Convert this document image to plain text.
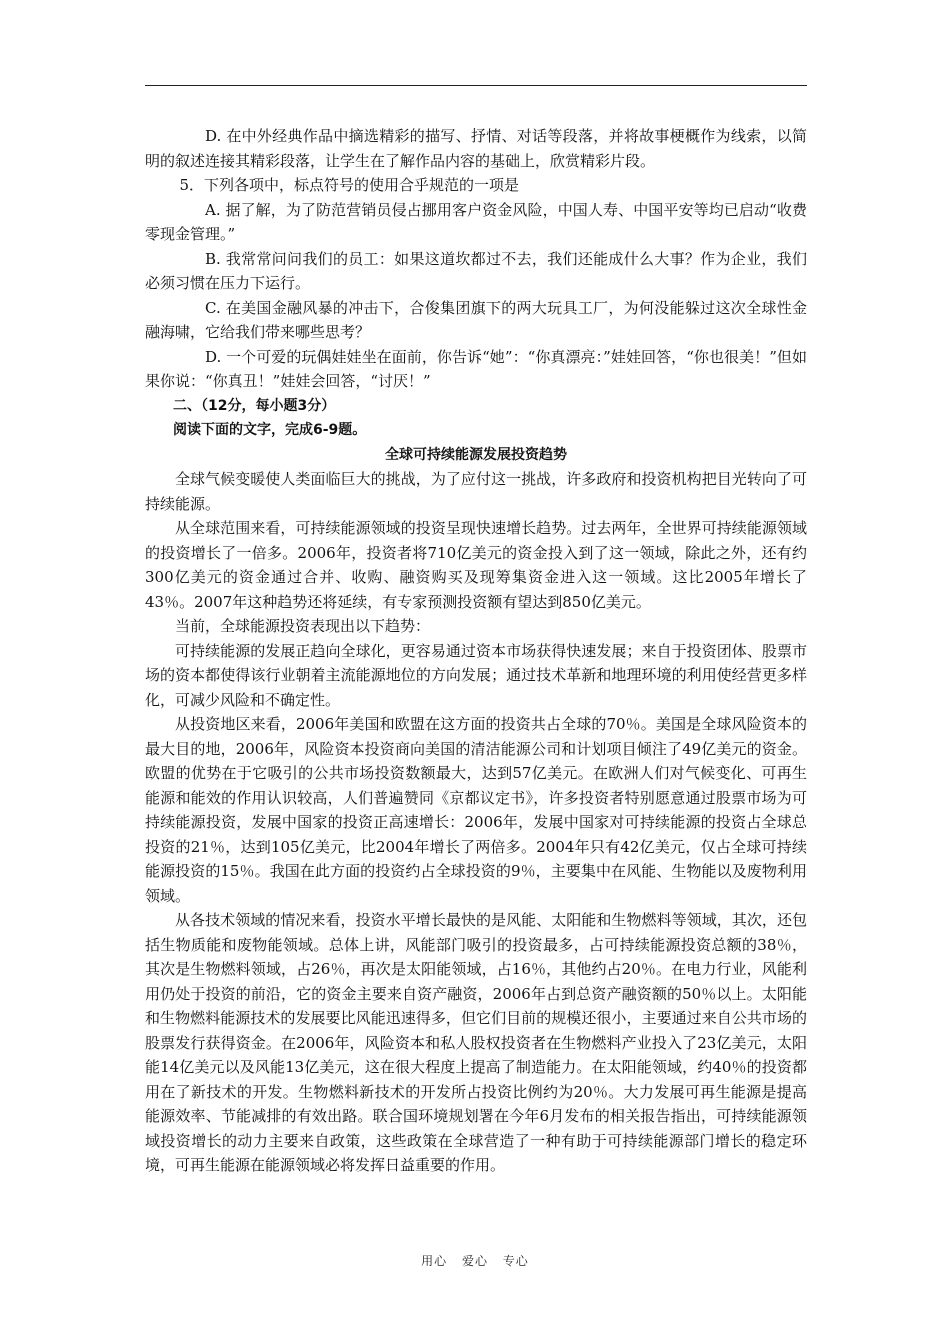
D. 在中外经典作品中摘选精彩的描写、抒情、对话等段落，并将故事梗概作为线索，以简明的叙述连接其精彩段落，让学生在了解作品内容的基础上，欣赏精彩片段。

5．下列各项中，标点符号的使用合乎规范的一项是

A. 据了解，为了防范营销员侵占挪用客户资金风险，中国人寿、中国平安等均已启动“收费零现金管理。”

B. 我常常问问我们的员工：如果这道坎都过不去，我们还能成什么大事？作为企业，我们必须习惯在压力下运行。

C. 在美国金融风暴的冲击下，合俊集团旗下的两大玩具工厂，为何没能躲过这次全球性金融海啸，它给我们带来哪些思考？

D. 一个可爱的玩偶娃娃坐在面前，你告诉“她”：“你真漂亮：”娃娃回答，“你也很美！”但如果你说：“你真丑！”娃娃会回答，“讨厌！”

二、（12分，每小题3分）

阅读下面的文字，完成6-9题。

全球可持续能源发展投资趋势

全球气候变暖使人类面临巨大的挑战，为了应付这一挑战，许多政府和投资机构把目光转向了可持续能源。

从全球范围来看，可持续能源领域的投资呈现快速增长趋势。过去两年，全世界可持续能源领域的投资增长了一倍多。2006年，投资者将710亿美元的资金投入到了这一领域，除此之外，还有约300亿美元的资金通过合并、收购、融资购买及现筹集资金进入这一领域。这比2005年增长了43％。2007年这种趋势还将延续，有专家预测投资额有望达到850亿美元。

当前，全球能源投资表现出以下趋势：

可持续能源的发展正趋向全球化，更容易通过资本市场获得快速发展；来自于投资团体、股票市场的资本都使得该行业朝着主流能源地位的方向发展；通过技术革新和地理环境的利用使经营更多样化，可减少风险和不确定性。

从投资地区来看，2006年美国和欧盟在这方面的投资共占全球的70％。美国是全球风险资本的最大目的地，2006年，风险资本投资商向美国的清洁能源公司和计划项目倾注了49亿美元的资金。欧盟的优势在于它吸引的公共市场投资数额最大，达到57亿美元。在欧洲人们对气候变化、可再生能源和能效的作用认识较高，人们普遍赞同《京都议定书》，许多投资者特别愿意通过股票市场为可持续能源投资，发展中国家的投资正高速增长：2006年，发展中国家对可持续能源的投资占全球总投资的21％，达到105亿美元，比2004年增长了两倍多。2004年只有42亿美元，仅占全球可持续能源投资的15％。我国在此方面的投资约占全球投资的9％，主要集中在风能、生物能以及废物利用领域。

从各技术领域的情况来看，投资水平增长最快的是风能、太阳能和生物燃料等领域，其次，还包括生物质能和废物能领域。总体上讲，风能部门吸引的投资最多，占可持续能源投资总额的38％，其次是生物燃料领域，占26％，再次是太阳能领域，占16％，其他约占20％。在电力行业，风能利用仍处于投资的前沿，它的资金主要来自资产融资，2006年占到总资产融资额的50％以上。太阳能和生物燃料能源技术的发展要比风能迅速得多，但它们目前的规模还很小，主要通过来自公共市场的股票发行获得资金。在2006年，风险资本和私人股权投资者在生物燃料产业投入了23亿美元，太阳能14亿美元以及风能13亿美元，这在很大程度上提高了制造能力。在太阳能领域，约40％的投资都用在了新技术的开发。生物燃料新技术的开发所占投资比例约为20％。大力发展可再生能源是提高能源效率、节能减排的有效出路。联合国环境规划署在今年6月发布的相关报告指出，可持续能源领域投资增长的动力主要来自政策，这些政策在全球营造了一种有助于可持续能源部门增长的稳定环境，可再生能源在能源领域必将发挥日益重要的作用。

用心 爱心 专心
